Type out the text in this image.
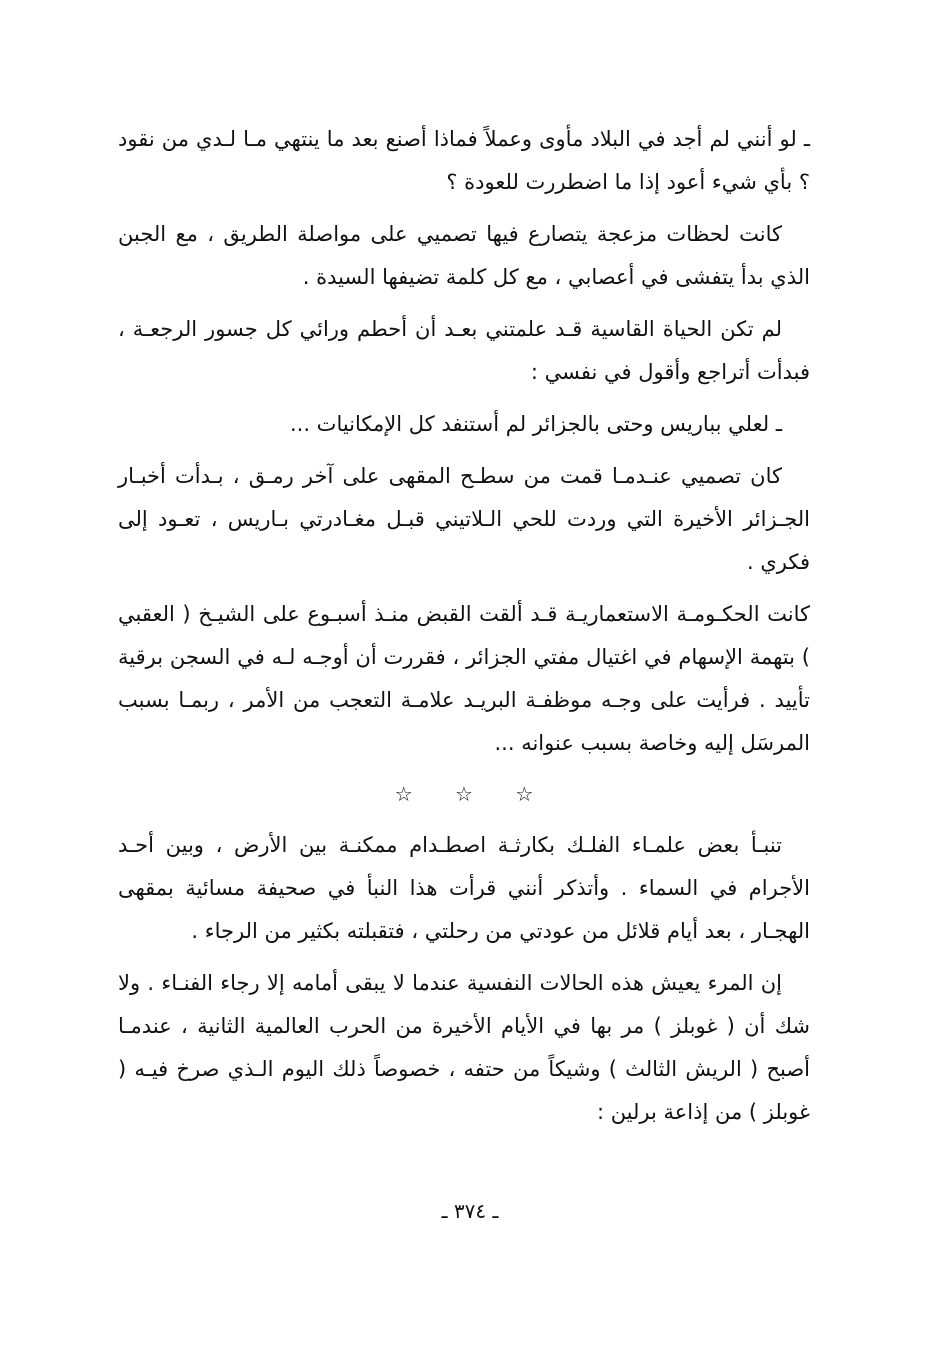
ـ لو أنني لم أجد في البلاد مأوى وعملاً فماذا أصنع بعد ما ينتهي مـا لـدي من نقود ؟ بأي شيء أعود إذا ما اضطررت للعودة ؟

كانت لحظات مزعجة يتصارع فيها تصميي على مواصلة الطريق ، مع الجبن الذي بدأ يتفشى في أعصابي ، مع كل كلمة تضيفها السيدة .

لم تكن الحياة القاسية قـد علمتني بعـد أن أحطم ورائي كل جسور الرجعـة ، فبدأت أتراجع وأقول في نفسي :

ـ لعلي بباريس وحتى بالجزائر لم أستنفد كل الإمكانيات ...

كان تصميي عنـدمـا قمت من سطـح المقهى على آخر رمـق ، بـدأت أخبـار الجـزائر الأخيرة التي وردت للحي الـلاتيني قبـل مغـادرتي بـاريس ، تعـود إلى فكري .

كانت الحكـومـة الاستعماريـة قـد ألقت القبض منـذ أسبـوع على الشيـخ ( العقبي ) بتهمة الإسهام في اغتيال مفتي الجزائر ، فقررت أن أوجـه لـه في السجن برقية تأييد . فرأيت على وجـه موظفـة البريـد علامـة التعجب من الأمر ، ربمـا بسبب المرسَل إليه وخاصة بسبب عنوانه ...

☆ ☆ ☆

تنبـأ بعض علمـاء الفلـك بكارثـة اصطـدام ممكنـة بين الأرض ، وبين أحـد الأجرام في السماء . وأتذكر أنني قرأت هذا النبأ في صحيفة مسائية بمقهى الهجـار ، بعد أيام قلائل من عودتي من رحلتي ، فتقبلته بكثير من الرجاء .

إن المرء يعيش هذه الحالات النفسية عندما لا يبقى أمامه إلا رجاء الفنـاء . ولا شك أن ( غوبلز ) مر بها في الأيام الأخيرة من الحرب العالمية الثانية ، عندمـا أصبح ( الريش الثالث ) وشيكاً من حتفه ، خصوصاً ذلك اليوم الـذي صرخ فيـه ( غوبلز ) من إذاعة برلين :

ـ ٣٧٤ ـ
